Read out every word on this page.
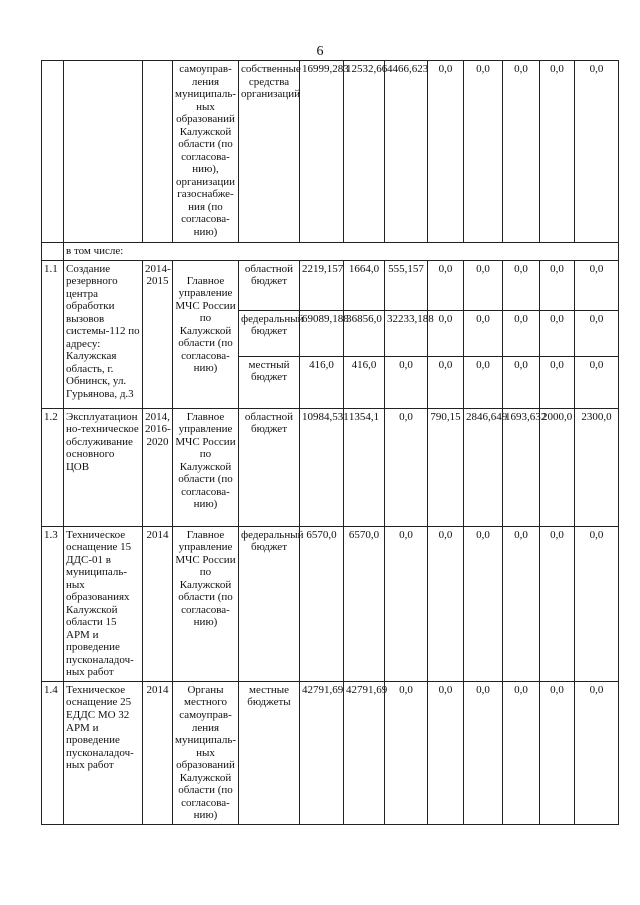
6
			самоуправ-ления муниципаль-ных образований Калужской области (по согласова-нию), организации газоснабже-ния (по согласова-нию)	собственные средства организаций	16999,283	12532,66	4466,623	0,0	0,0	0,0	0,0	0,0
	в том числе:											
1.1	Создание резервного центра обработки вызовов системы-112 по адресу: Калужская область, г. Обнинск, ул. Гурьянова, д.3	2014-2015	Главное управление МЧС России по Калужской области (по согласова-нию)	областной бюджет	2219,157	1664,0	555,157	0,0	0,0	0,0	0,0	0,0
				федеральный бюджет	69089,188	36856,0	32233,188	0,0	0,0	0,0	0,0	0,0
				местный бюджет	416,0	416,0	0,0	0,0	0,0	0,0	0,0	0,0
1.2	Эксплуатацион но-техническое обслуживание основного ЦОВ	2014, 2016-2020	Главное управление МЧС России по Калужской области (по согласова-нию)	областной бюджет	10984,531	1354,1	0,0	790,15	2846,649	1693,632	2000,0	2300,0
1.3	Техническое оснащение 15 ДДС-01 в муниципаль-ных образованиях Калужской области 15 АРМ и проведение пусконаладоч-ных работ	2014	Главное управление МЧС России по Калужской области (по согласова-нию)	федеральный бюджет	6570,0	6570,0	0,0	0,0	0,0	0,0	0,0	0,0
1.4	Техническое оснащение 25 ЕДДС МО 32 АРМ и проведение пусконаладоч-ных работ	2014	Органы местного самоуправ-ления муниципаль-ных образований Калужской области (по согласова-нию)	местные бюджеты	42791,69	42791,69	0,0	0,0	0,0	0,0	0,0	0,0
